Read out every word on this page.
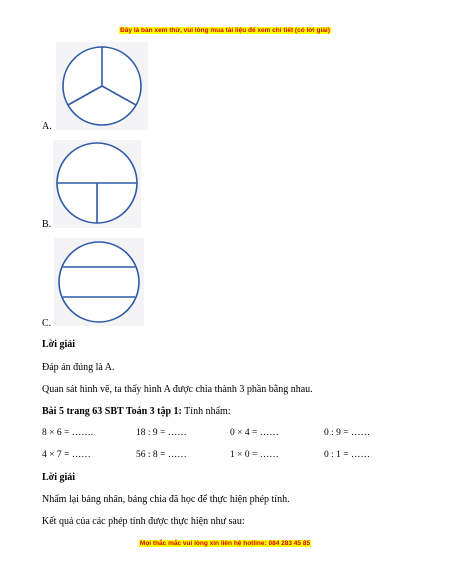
Đây là bản xem thử, vui lòng mua tài liệu để xem chi tiết (có lời giải)
A.
B.
C.
Lời giải
Đáp án đúng là A.
Quan sát hình vẽ, ta thấy hình A được chia thành 3 phần bằng nhau.
Bài 5 trang 63 SBT Toán 3 tập 1: Tính nhẩm:
8 × 6 = …….	18 : 9 = ……	0 × 4 = ……	0 : 9 = ……
4 × 7 = ……	56 : 8 = ……	1 × 0 = ……	0 : 1 = ……
Lời giải
Nhẩm lại bảng nhân, bảng chia đã học để thực hiện phép tính.
Kết quả của các phép tính được thực hiện như sau:
Mọi thắc mắc vui lòng xin liên hệ hotline: 084 283 45 85
